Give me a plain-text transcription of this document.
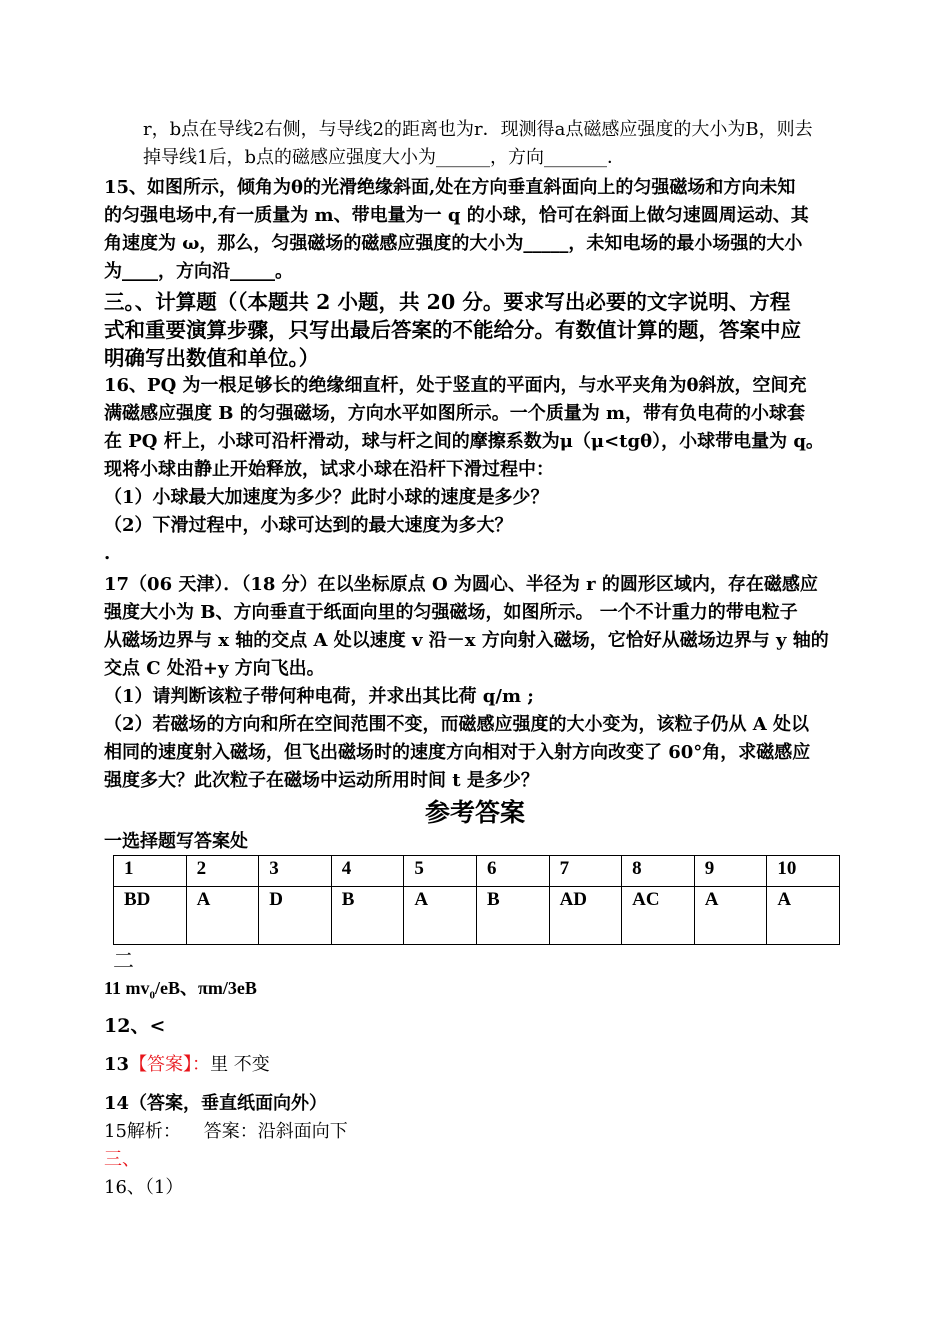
r，b点在导线2右侧，与导线2的距离也为r．现测得a点磁感应强度的大小为B，则去
掉导线1后，b点的磁感应强度大小为______，方向_______．
15、如图所示，倾角为θ的光滑绝缘斜面,处在方向垂直斜面向上的匀强磁场和方向未知
的匀强电场中,有一质量为 m、带电量为一 q 的小球，恰可在斜面上做匀速圆周运动、其
角速度为 ω，那么，匀强磁场的磁感应强度的大小为_____，未知电场的最小场强的大小
为____，方向沿_____。
三。、计算题（（本题共 2 小题，共 20 分。要求写出必要的文字说明、方程
式和重要演算步骤，只写出最后答案的不能给分。有数值计算的题，答案中应
明确写出数值和单位。）
16、PQ 为一根足够长的绝缘细直杆，处于竖直的平面内，与水平夹角为θ斜放，空间充
满磁感应强度 B 的匀强磁场，方向水平如图所示。一个质量为 m，带有负电荷的小球套
在 PQ 杆上，小球可沿杆滑动，球与杆之间的摩擦系数为μ（μ<tgθ），小球带电量为 q。
现将小球由静止开始释放，试求小球在沿杆下滑过程中：
（1）小球最大加速度为多少？此时小球的速度是多少？
（2）下滑过程中，小球可达到的最大速度为多大？
.
17（06 天津）．（18 分）在以坐标原点 O 为圆心、半径为 r 的圆形区域内，存在磁感应
强度大小为 B、方向垂直于纸面向里的匀强磁场，如图所示。 一个不计重力的带电粒子
从磁场边界与 x 轴的交点 A 处以速度 v 沿－x 方向射入磁场，它恰好从磁场边界与 y 轴的
交点 C 处沿+y 方向飞出。
（1）请判断该粒子带何种电荷，并求出其比荷 q/m ;
（2）若磁场的方向和所在空间范围不变，而磁感应强度的大小变为，该粒子仍从 A 处以
相同的速度射入磁场，但飞出磁场时的速度方向相对于入射方向改变了 60°角，求磁感应
强度多大？此次粒子在磁场中运动所用时间 t 是多少？
参考答案
一选择题写答案处
1	2	3	4	5	6	7	8	9	10
BD	A	D	B	A	B	AD	AC	A	A
二
11 $mv_0/eB$、πm/3eB
12、<
13【答案】：里 不变
14（答案，垂直纸面向外）
15解析：    答案：沿斜面向下
三、
16、（1）
